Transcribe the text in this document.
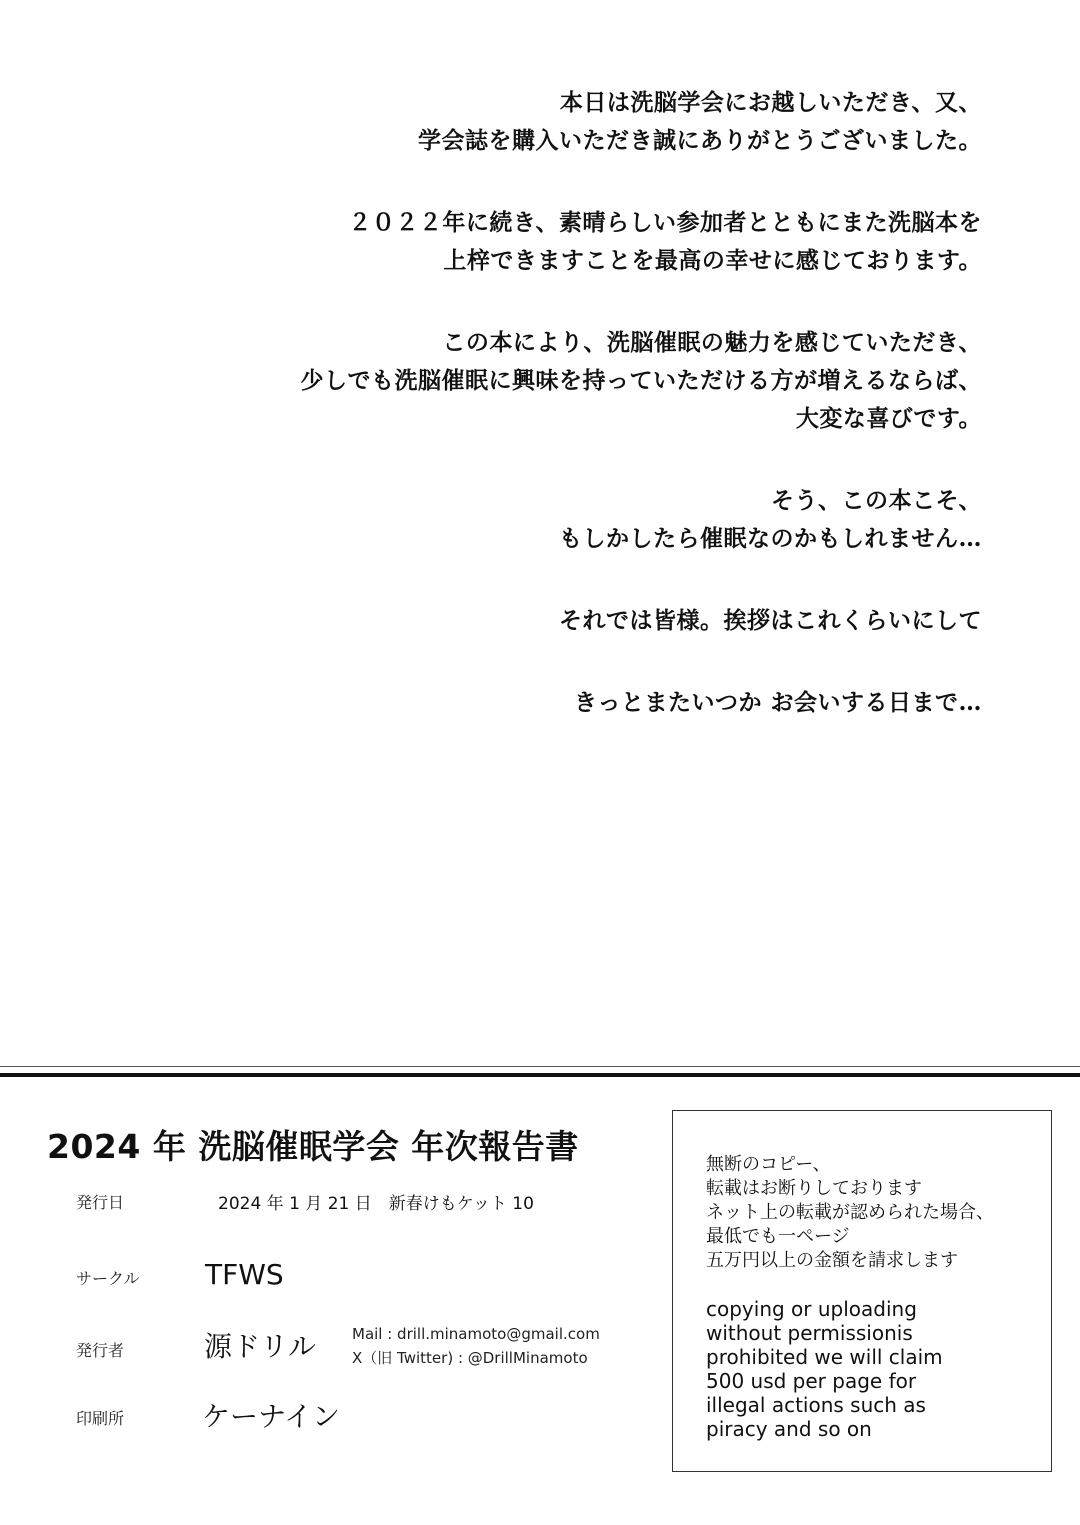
本日は洗脳学会にお越しいただき、又、
学会誌を購入いただき誠にありがとうございました。

２０２２年に続き、素晴らしい参加者とともにまた洗脳本を
上梓できますことを最高の幸せに感じております。

この本により、洗脳催眠の魅力を感じていただき、
少しでも洗脳催眠に興味を持っていただける方が増えるならば、
大変な喜びです。

そう、この本こそ、
もしかしたら催眠なのかもしれません…

それでは皆様。挨拶はこれくらいにして

きっとまたいつか お会いする日まで…

2024 年 洗脳催眠学会 年次報告書
発行日	2024 年 1 月 21 日　新春けもケット 10
サークル TFWS
発行者	源ドリル Mail : drill.minamoto@gmail.com
X（旧 Twitter) : @DrillMinamoto
印刷所	ケーナイン
無断のコピー、
転載はお断りしております
ネット上の転載が認められた場合、
最低でも一ページ
五万円以上の金額を請求します
copying or uploading
without permissionis
prohibited we will claim
500 usd per page for
illegal actions such as
piracy and so on
